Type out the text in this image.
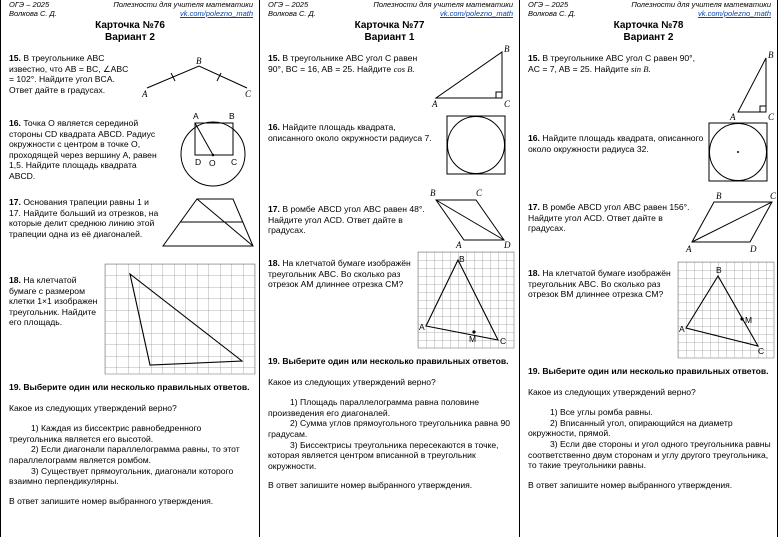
ОГЭ – 2025
Волкова С. Д.
Полезности для учителя математики
vk.com/polezno_math
Карточка №76
Вариант 2
15. В треугольнике ABC известно, что AB = BC, ∠ABC = 102°. Найдите угол BCA. Ответ дайте в градусах.	A
B
C
16. Точка O является серединой стороны CD квадрата ABCD. Радиус окружности с центром в точке O, проходящей через вершину A, равен 1,5. Найдите площадь квадрата ABCD.
A	B
D O C
17. Основания трапеции равны 1 и 17. Найдите больший из отрезков, на которые делит среднюю линию этой трапеции одна из её диагоналей.
18. На клетчатой бумаге с размером клетки 1×1 изображен треугольник. Найдите его площадь.

19. Выберите один или несколько правильных ответов.

Какое из следующих утверждений верно?

1) Каждая из биссектрис равнобедренного треугольника является его высотой.

2) Если диагонали параллелограмма равны, то этот параллелограмм является ромбом.

3) Существует прямоугольник, диагонали которого взаимно перпендикулярны.

В ответ запишите номер выбранного утверждения.

ОГЭ – 2025
Волкова С. Д.
Полезности для учителя математики
vk.com/polezno_math
Карточка №77
Вариант 1
15. В треугольнике ABC угол C равен 90°, BC = 16, AB = 25. Найдите cos B.
A
B
C
16. Найдите площадь квадрата, описанного около окружности радиуса 7.
17. В ромбе ABCD угол ABC равен 48°. Найдите угол ACD. Ответ дайте в градусах.
B	C
A	D
18. На клетчатой бумаге изображён треугольник ABC. Во сколько раз отрезок AM длиннее отрезка CM?
A
B
C
M

19. Выберите один или несколько правильных ответов.

Какое из следующих утверждений верно?

1) Площадь параллелограмма равна половине произведения его диагоналей.

2) Сумма углов прямоугольного треугольника равна 90 градусам.

3) Биссектрисы треугольника пересекаются в точке, которая является центром вписанной в треугольник окружности.

В ответ запишите номер выбранного утверждения.

ОГЭ – 2025
Волкова С. Д.
Полезности для учителя математики
vk.com/polezno_math
Карточка №78
Вариант 2
15. В треугольнике ABC угол C равен 90°, AC = 7, AB = 25. Найдите sin B.
A
B
C
16. Найдите площадь квадрата, описанного около окружности радиуса 32.
17. В ромбе ABCD угол ABC равен 156°. Найдите угол ACD. Ответ дайте в градусах.
A
B	C
D
18. На клетчатой бумаге изображён треугольник ABC. Во сколько раз отрезок BM длиннее отрезка CM?
A
B
C
M

19. Выберите один или несколько правильных ответов.

Какое из следующих утверждений верно?

1) Все углы ромба равны.

2) Вписанный угол, опирающийся на диаметр окружности, прямой.

3) Если две стороны и угол одного треугольника равны соответственно двум сторонам и углу другого треугольника, то такие треугольники равны.

В ответ запишите номер выбранного утверждения.
